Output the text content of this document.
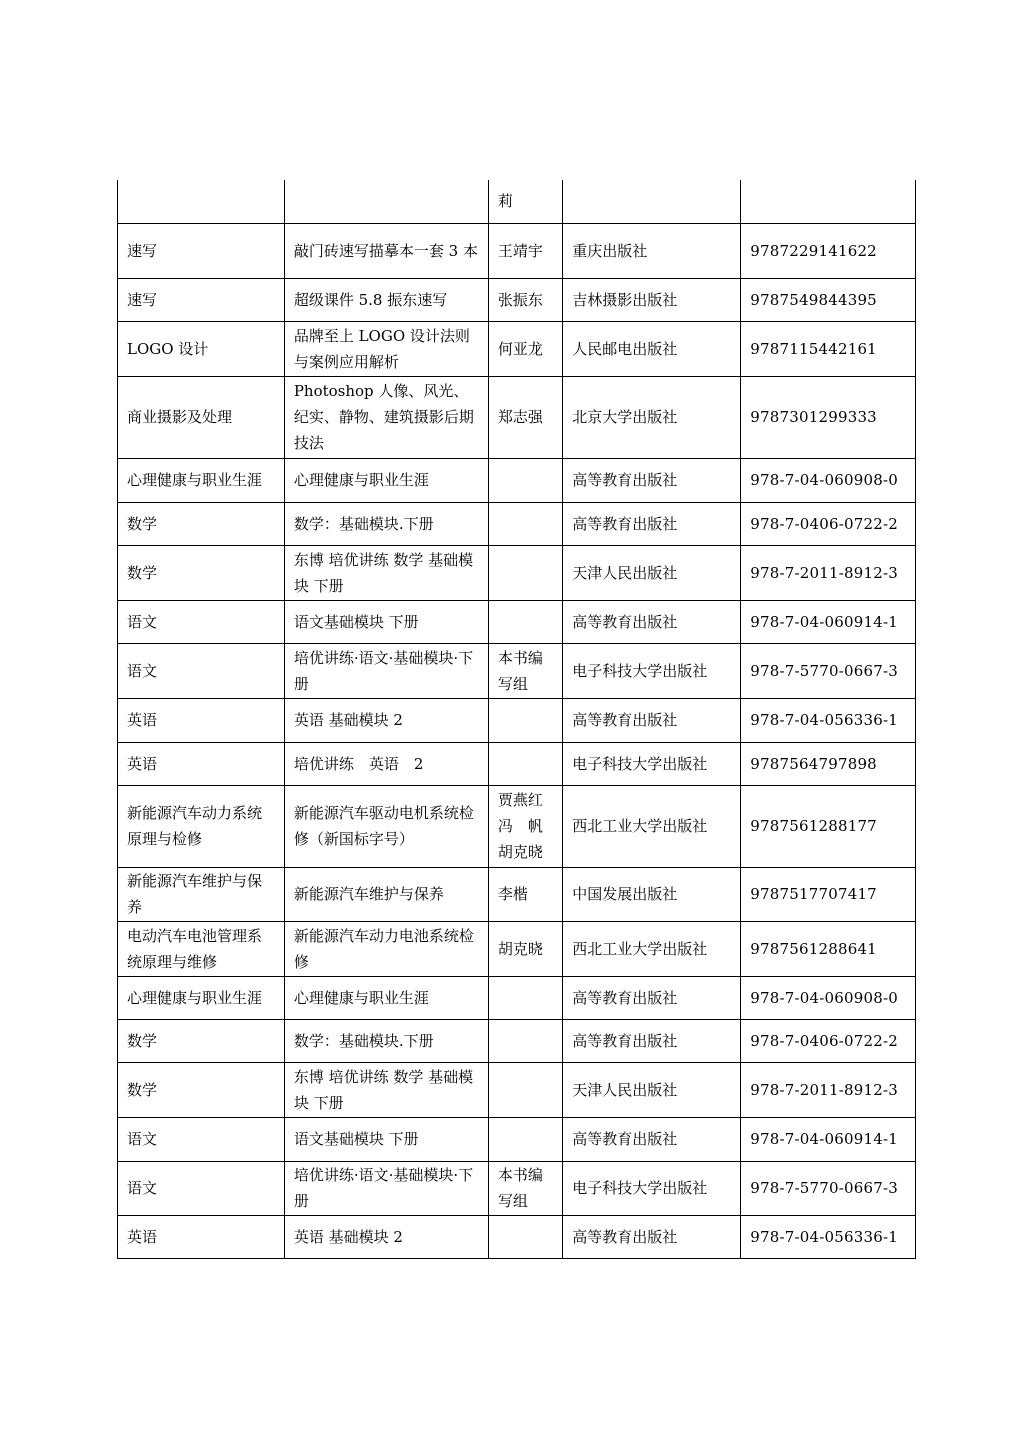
		莉		
速写	敲门砖速写描摹本一套 3 本	王靖宇	重庆出版社	9787229141622
速写	超级课件 5.8 振东速写	张振东	吉林摄影出版社	9787549844395
LOGO 设计	品牌至上 LOGO 设计法则与案例应用解析	何亚龙	人民邮电出版社	9787115442161
商业摄影及处理	Photoshop 人像、风光、纪实、静物、建筑摄影后期技法	郑志强	北京大学出版社	9787301299333
心理健康与职业生涯	心理健康与职业生涯		高等教育出版社	978-7-04-060908-0
数学	数学：基础模块.下册		高等教育出版社	978-7-0406-0722-2
数学	东博 培优讲练 数学 基础模块 下册		天津人民出版社	978-7-2011-8912-3
语文	语文基础模块 下册		高等教育出版社	978-7-04-060914-1
语文	培优讲练·语文·基础模块·下册	本书编写组	电子科技大学出版社	978-7-5770-0667-3
英语	英语 基础模块 2		高等教育出版社	978-7-04-056336-1
英语	培优讲练　英语　2		电子科技大学出版社	9787564797898
新能源汽车动力系统原理与检修	新能源汽车驱动电机系统检修（新国标字号）	贾燕红 冯　帆 胡克晓	西北工业大学出版社	9787561288177
新能源汽车维护与保养	新能源汽车维护与保养	李楷	中国发展出版社	9787517707417
电动汽车电池管理系统原理与维修	新能源汽车动力电池系统检修	胡克晓	西北工业大学出版社	9787561288641
心理健康与职业生涯	心理健康与职业生涯		高等教育出版社	978-7-04-060908-0
数学	数学：基础模块.下册		高等教育出版社	978-7-0406-0722-2
数学	东博 培优讲练 数学 基础模块 下册		天津人民出版社	978-7-2011-8912-3
语文	语文基础模块 下册		高等教育出版社	978-7-04-060914-1
语文	培优讲练·语文·基础模块·下册	本书编写组	电子科技大学出版社	978-7-5770-0667-3
英语	英语 基础模块 2		高等教育出版社	978-7-04-056336-1
